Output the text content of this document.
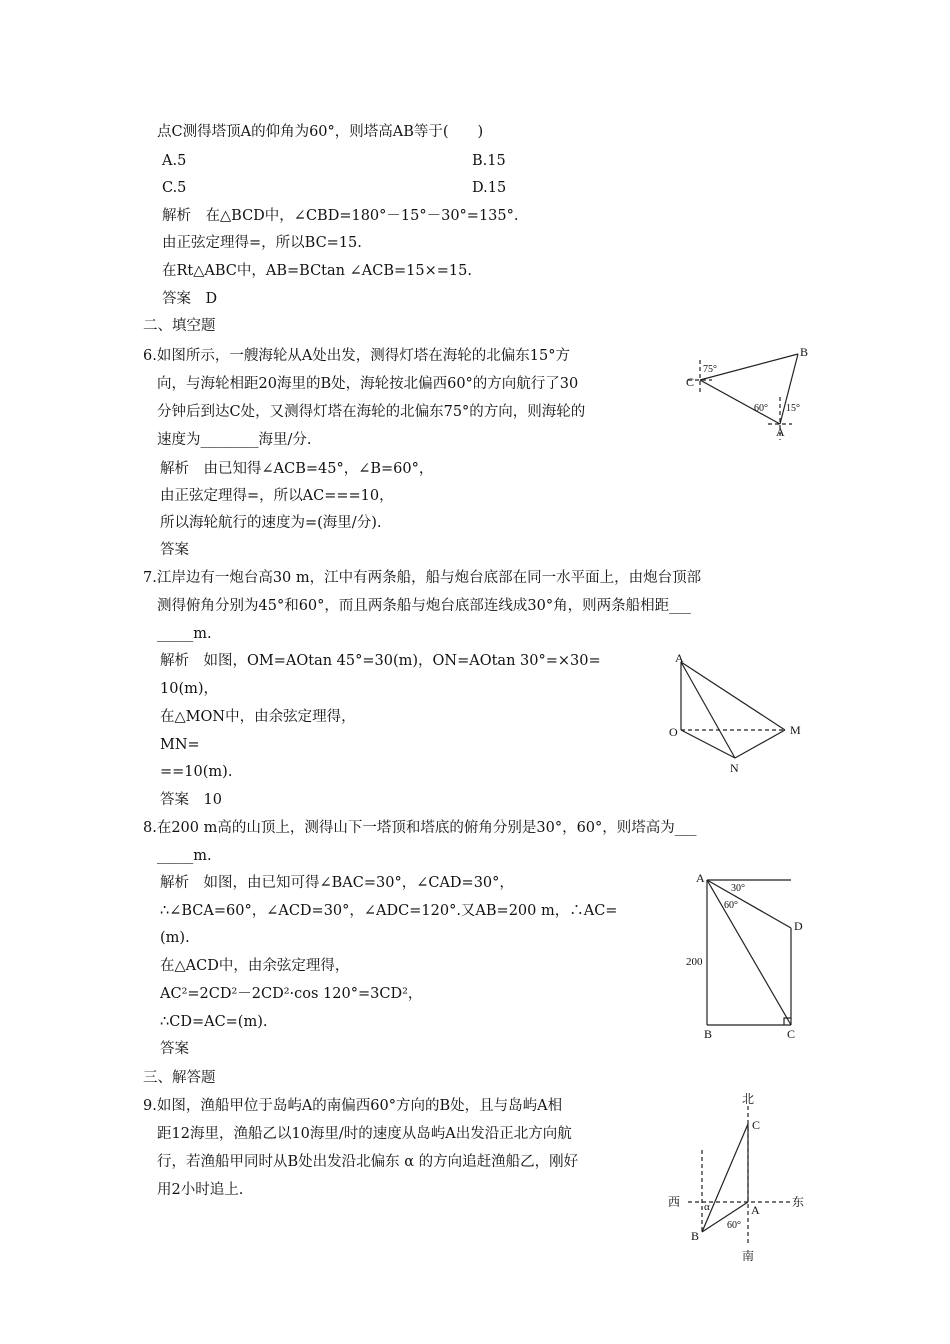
点C测得塔顶A的仰角为60°，则塔高AB等于(　　)
A.5	B.15
C.5	D.15
解析　在△BCD中，∠CBD=180°－15°－30°=135°.
由正弦定理得=，所以BC=15.
在Rt△ABC中，AB=BCtan ∠ACB=15×=15.
答案　D
二、填空题
6.如图所示，一艘海轮从A处出发，测得灯塔在海轮的北偏东15°方
向，与海轮相距20海里的B处，海轮按北偏西60°的方向航行了30
分钟后到达C处，又测得灯塔在海轮的北偏东75°的方向，则海轮的
速度为________海里/分.
解析　由已知得∠ACB=45°，∠B=60°，
由正弦定理得=，所以AC===10，
所以海轮航行的速度为=(海里/分).
答案
B
C
A
75°
60° 15°
7.江岸边有一炮台高30 m，江中有两条船，船与炮台底部在同一水平面上，由炮台顶部
测得俯角分别为45°和60°，而且两条船与炮台底部连线成30°角，则两条船相距___
_____m.
解析　如图，OM=AOtan 45°=30(m)，ON=AOtan 30°=×30=
10(m)，
在△MON中，由余弦定理得，
MN=
==10(m).
答案　10
A
O	M
N
8.在200 m高的山顶上，测得山下一塔顶和塔底的俯角分别是30°，60°，则塔高为___
_____m.
解析　如图，由已知可得∠BAC=30°，∠CAD=30°，
∴∠BCA=60°，∠ACD=30°，∠ADC=120°.又AB=200 m，∴AC=
(m).
在△ACD中，由余弦定理得，
AC²=2CD²－2CD²·cos 120°=3CD²，
∴CD=AC=(m).
答案
A
30°
60°
D
200
B	C
三、解答题
9.如图，渔船甲位于岛屿A的南偏西60°方向的B处，且与岛屿A相
距12海里，渔船乙以10海里/时的速度从岛屿A出发沿正北方向航
行，若渔船甲同时从B处出发沿北偏东 α 的方向追赶渔船乙，刚好
用2小时追上.
北
南
西	东
C
A
B
α
60°
